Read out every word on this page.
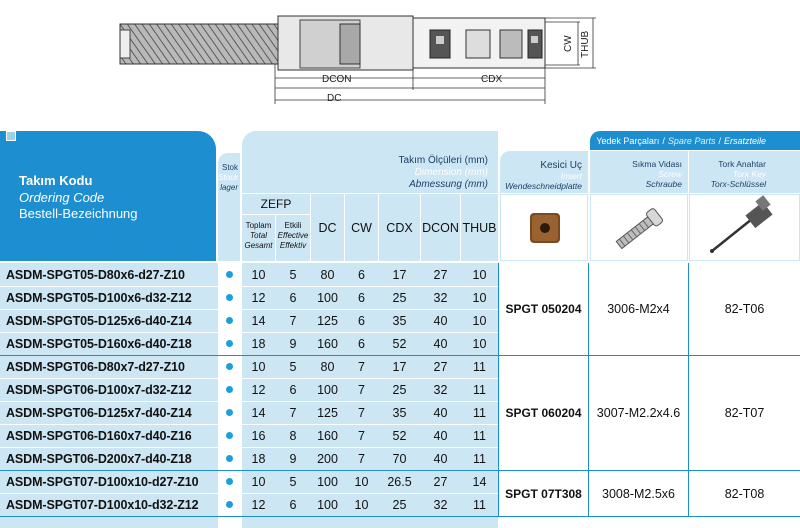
CW THUB
DCON	CDX
DC
Takım Kodu
Ordering Code
Bestell-Bezeichnung
Stok
Stock
lager
Takım Ölçüleri (mm)
Dimension (mm)
Abmessung (mm)
ZEFP
Toplam
Total
Gesamt
Etkili
Effective
Effektiv
DC	CW	CDX DCON THUB
Kesici Uç
Insert
Wendeschneidplatte
Yedek Parçaları / Spare Parts / Ersatzteile
Sıkma Vidası
Screw
Schraube
Tork Anahtar
Torx Key
Torx-Schlüssel
ASDM-SPGT05-D80x6-d27-Z10	10	5	80	6	17	27	10
ASDM-SPGT05-D100x6-d32-Z12	12	6	100	6	25	32	10
ASDM-SPGT05-D125x6-d40-Z14	14	7	125	6	35	40	10
ASDM-SPGT05-D160x6-d40-Z18	18	9	160	6	52	40	10
ASDM-SPGT06-D80x7-d27-Z10	10	5	80	7	17	27	11
ASDM-SPGT06-D100x7-d32-Z12	12	6	100	7	25	32	11
ASDM-SPGT06-D125x7-d40-Z14	14	7	125	7	35	40	11
ASDM-SPGT06-D160x7-d40-Z16	16	8	160	7	52	40	11
ASDM-SPGT06-D200x7-d40-Z18	18	9	200	7	70	40	11
ASDM-SPGT07-D100x10-d27-Z10	10	5	100	10	26.5	27	14
ASDM-SPGT07-D100x10-d32-Z12	12	6	100	10	25	32	11
SPGT 050204	3006-M2x4	82-T06
SPGT 060204	3007-M2.2x4.6	82-T07
SPGT 07T308	3008-M2.5x6	82-T08
